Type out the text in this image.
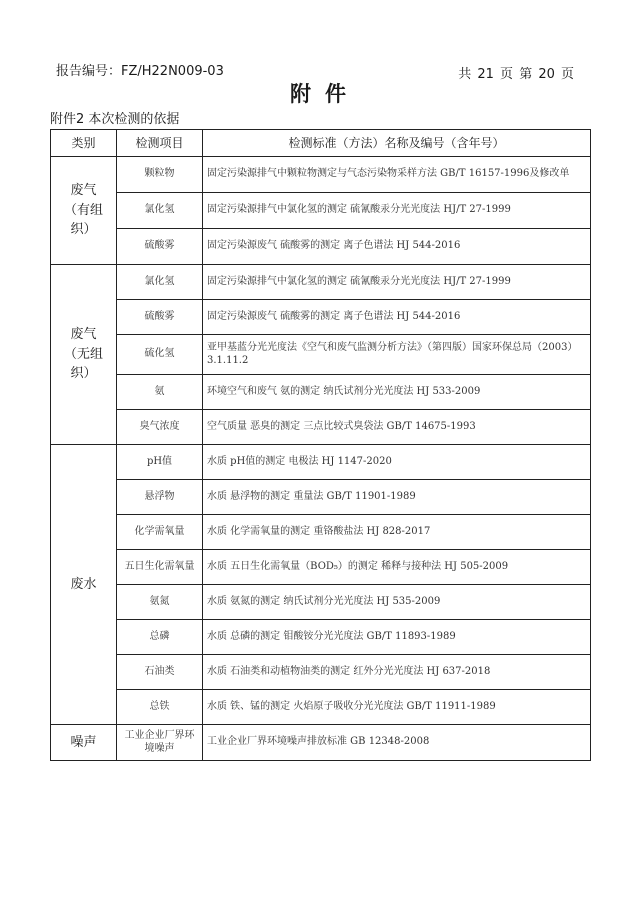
报告编号：FZ/H22N009-03	共 21 页 第 20 页
附件
附件2 本次检测的依据
类别	检测项目	检测标准（方法）名称及编号（含年号）
废气
（有组织）	颗粒物	固定污染源排气中颗粒物测定与气态污染物采样方法 GB/T 16157-1996及修改单
	氯化氢	固定污染源排气中氯化氢的测定 硫氰酸汞分光光度法 HJ/T 27-1999
	硫酸雾	固定污染源废气 硫酸雾的测定 离子色谱法 HJ 544-2016
废气
（无组织）	氯化氢	固定污染源排气中氯化氢的测定 硫氰酸汞分光光度法 HJ/T 27-1999
	硫酸雾	固定污染源废气 硫酸雾的测定 离子色谱法 HJ 544-2016
	硫化氢	亚甲基蓝分光光度法《空气和废气监测分析方法》（第四版）国家环保总局（2003）3.1.11.2
	氨	环境空气和废气 氨的测定 纳氏试剂分光光度法 HJ 533-2009
	臭气浓度	空气质量 恶臭的测定 三点比较式臭袋法 GB/T 14675-1993
废水	pH值	水质 pH值的测定 电极法 HJ 1147-2020
	悬浮物	水质 悬浮物的测定 重量法 GB/T 11901-1989
	化学需氧量	水质 化学需氧量的测定 重铬酸盐法 HJ 828-2017
	五日生化需氧量	水质 五日生化需氧量（BOD₅）的测定 稀释与接种法 HJ 505-2009
	氨氮	水质 氨氮的测定 纳氏试剂分光光度法 HJ 535-2009
	总磷	水质 总磷的测定 钼酸铵分光光度法 GB/T 11893-1989
	石油类	水质 石油类和动植物油类的测定 红外分光光度法 HJ 637-2018
	总铁	水质 铁、锰的测定 火焰原子吸收分光光度法 GB/T 11911-1989
噪声	工业企业厂界环境噪声	工业企业厂界环境噪声排放标准 GB 12348-2008
